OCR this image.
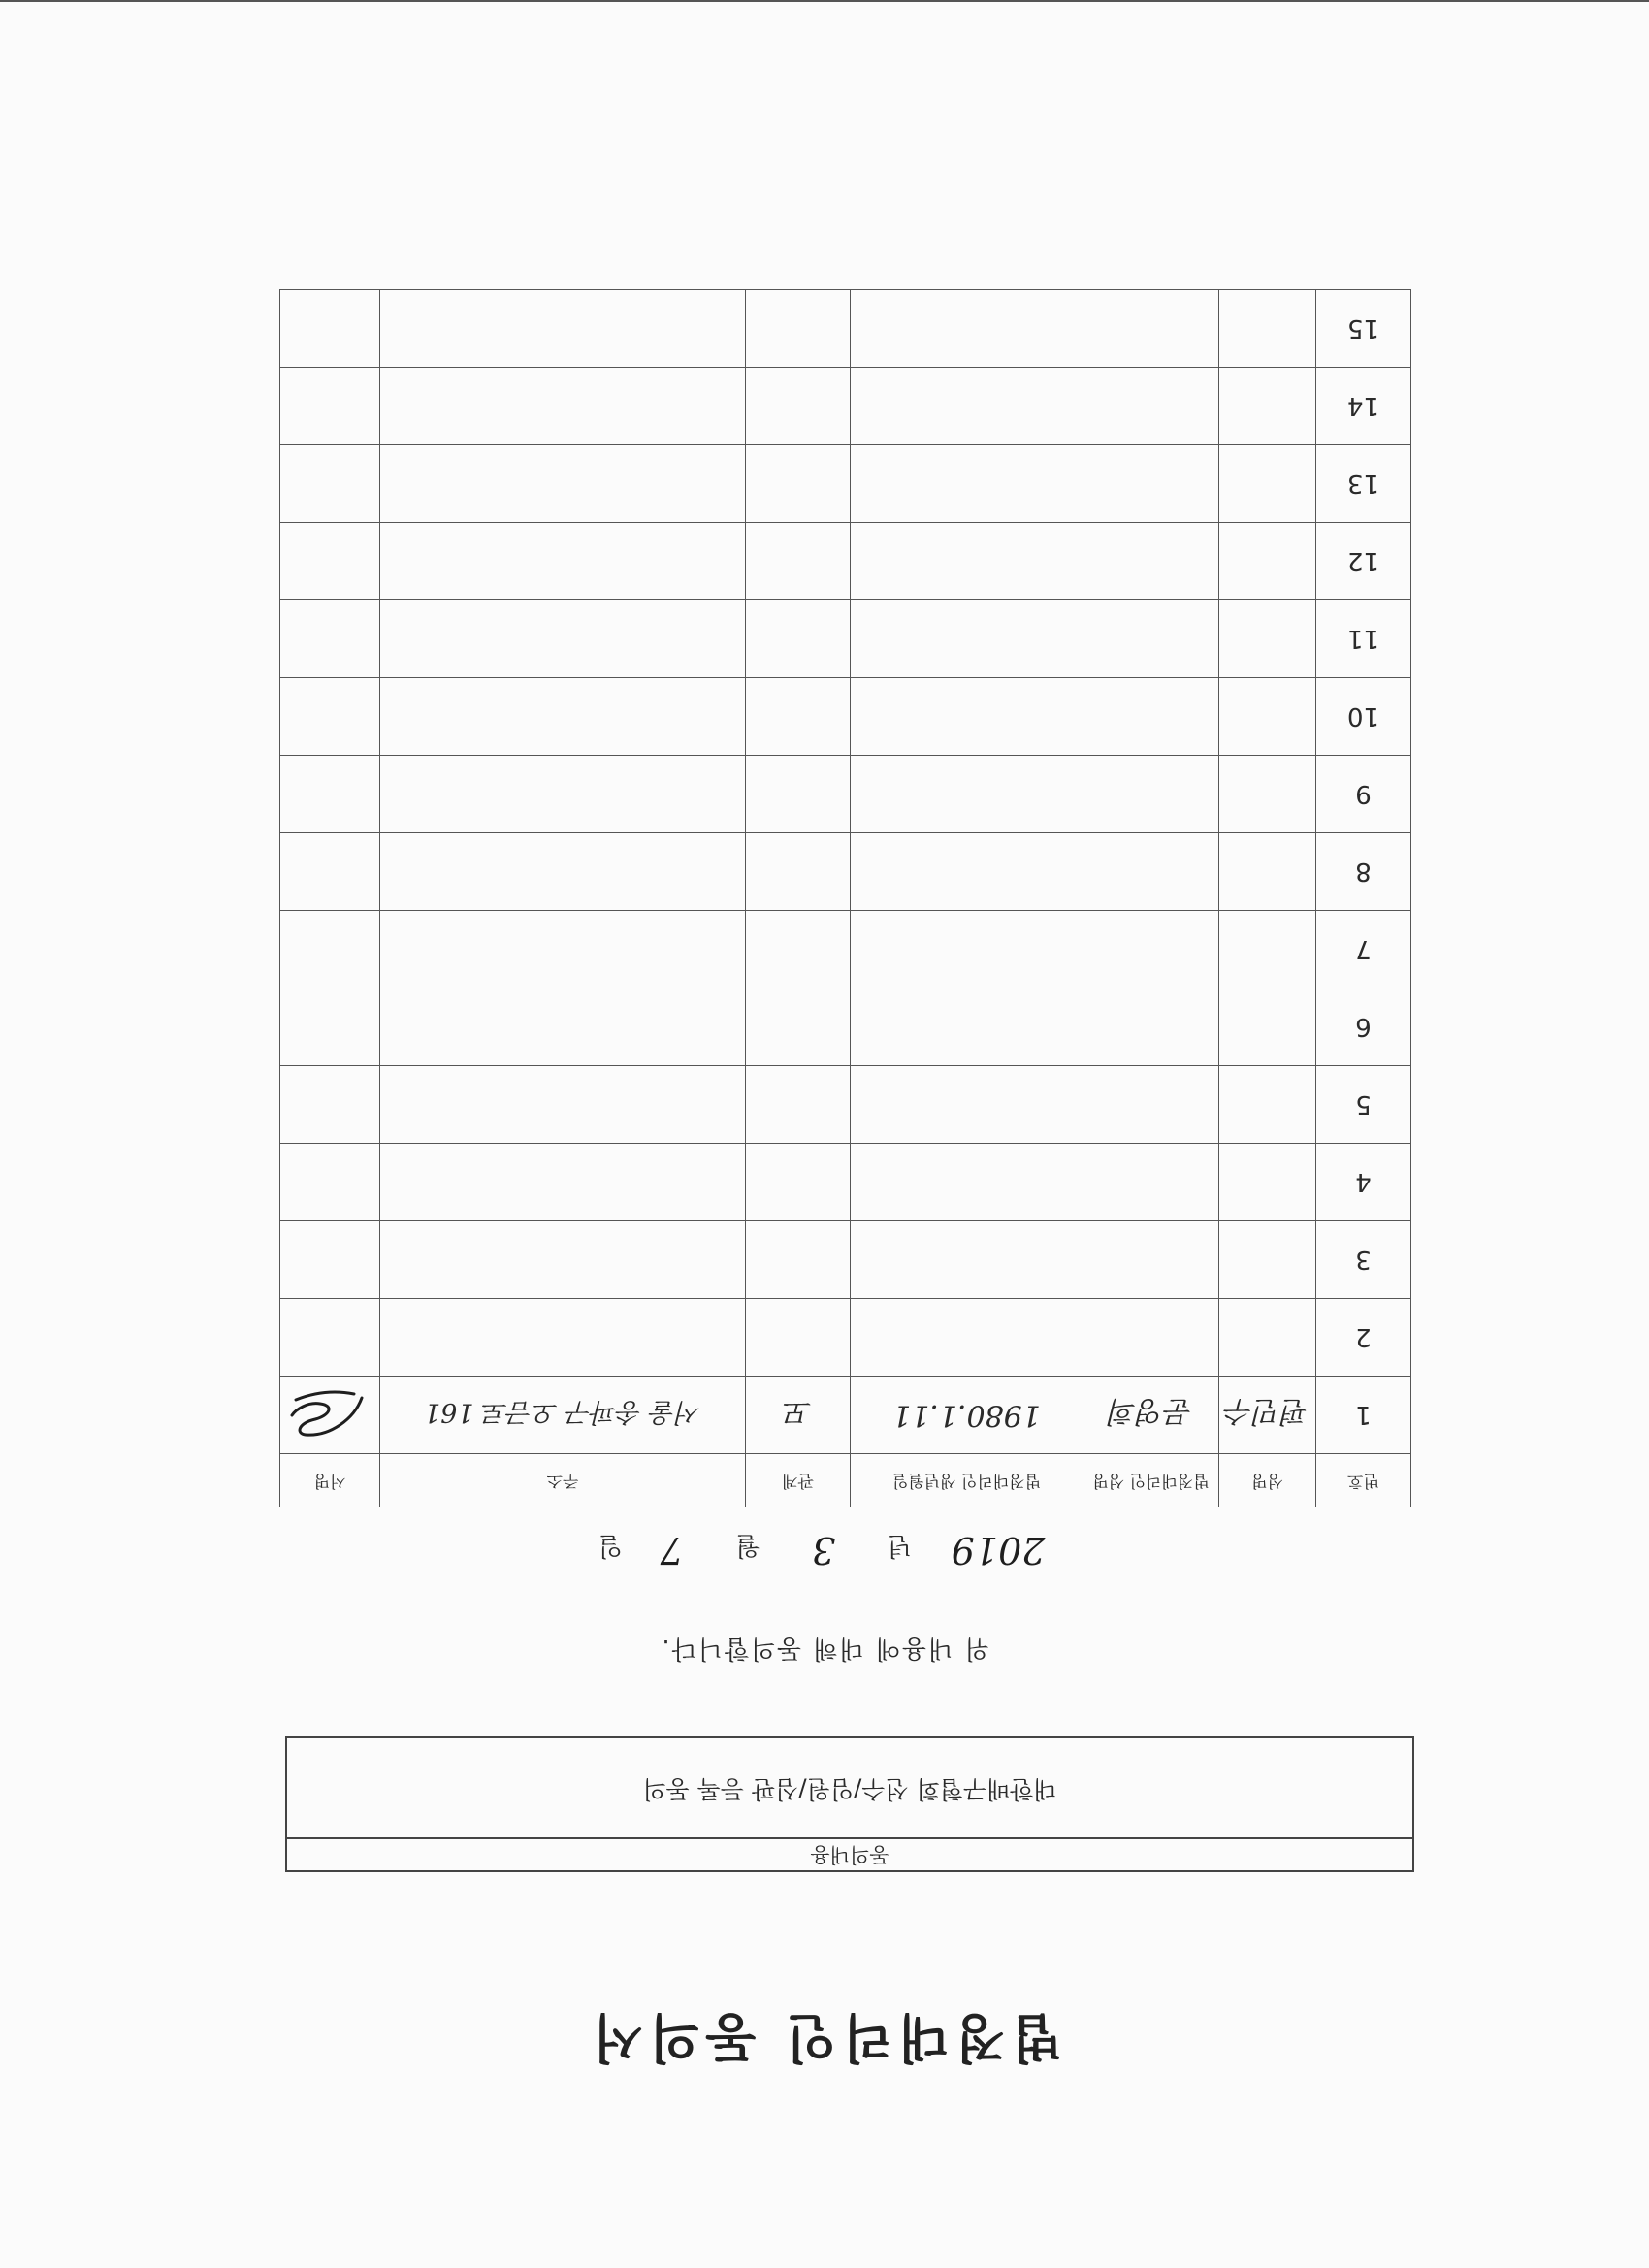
법정대리인 동의서
동의내용
대한배구협회 선수/임원/심판 등록 동의
위 내용에 대해 동의합니다.
2019 년 3 월 7 일
번호	성명	법정대리인 성명	법정대리인 생년월일	관계	주소	서명
1	편민수	문영희	1980.1.11	모	서울 송파구 오금로 161	

2						
3						
4						
5						
6						
7						
8						
9						
10						
11						
12						
13						
14						
15						
